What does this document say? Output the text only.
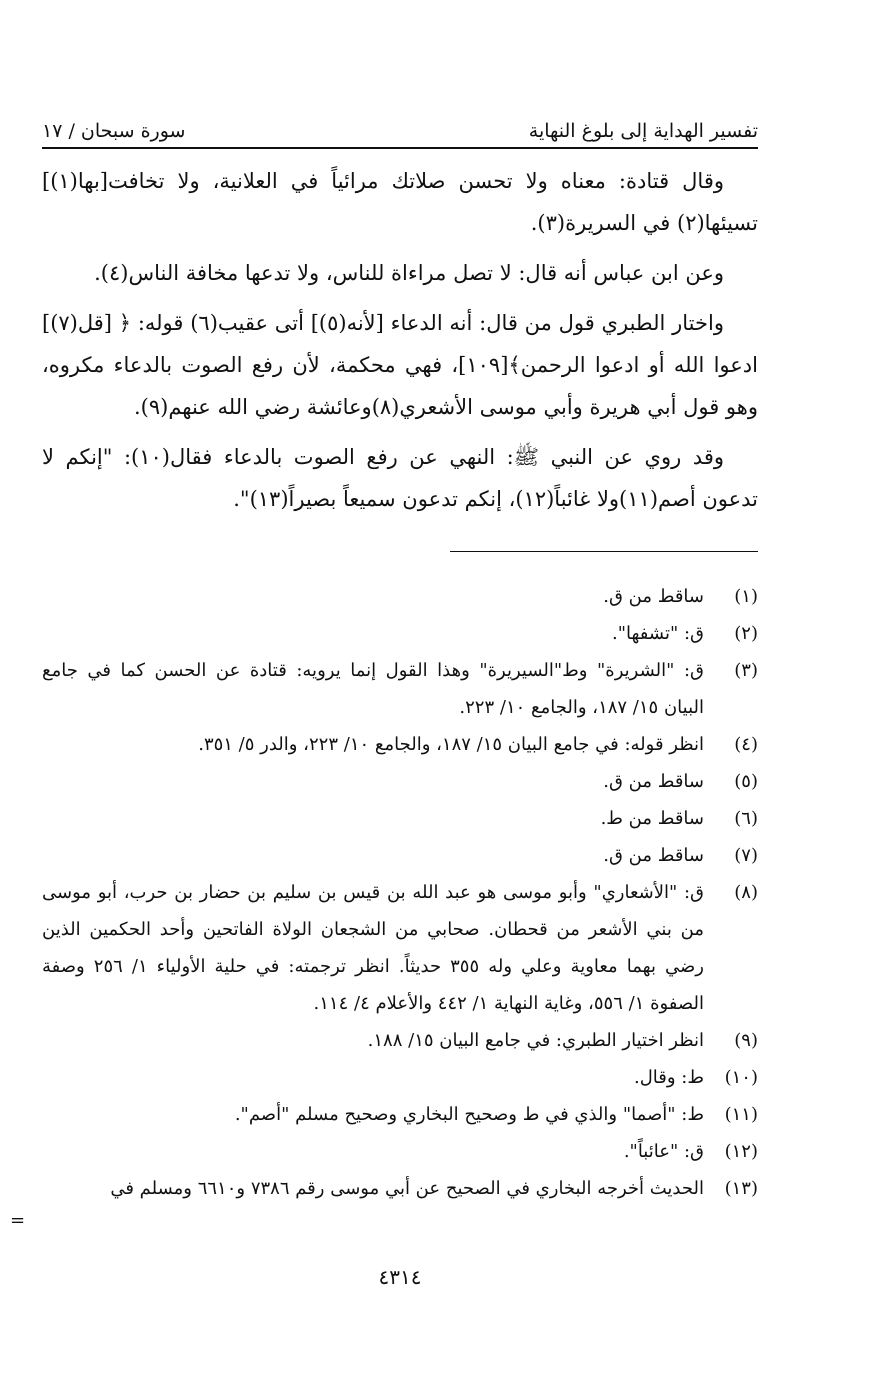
تفسير الهداية إلى بلوغ النهاية
سورة سبحان / ١٧

وقال قتادة: معناه ولا تحسن صلاتك مرائياً في العلانية، ولا تخافت[بها(١)] تسيئها(٢) في السريرة(٣).

وعن ابن عباس أنه قال: لا تصل مراءاة للناس، ولا تدعها مخافة الناس(٤).

واختار الطبري قول من قال: أنه الدعاء [لأنه(٥)] أتى عقيب(٦) قوله: ﴿ [قل(٧)] ادعوا الله أو ادعوا الرحمن﴾[١٠٩]، فهي محكمة، لأن رفع الصوت بالدعاء مكروه، وهو قول أبي هريرة وأبي موسى الأشعري(٨)وعائشة رضي الله عنهم(٩).

وقد روي عن النبي ﷺ: النهي عن رفع الصوت بالدعاء فقال(١٠): "إنكم لا تدعون أصم(١١)ولا غائباً(١٢)، إنكم تدعون سميعاً بصيراً(١٣)".

(١)
ساقط من ق.
(٢)
ق: "تشفها".
(٣)
ق: "الشريرة" وط"السيريرة" وهذا القول إنما يرويه: قتادة عن الحسن كما في جامع البيان ١٥/ ١٨٧، والجامع ١٠/ ٢٢٣.
(٤)
انظر قوله: في جامع البيان ١٥/ ١٨٧، والجامع ١٠/ ٢٢٣، والدر ٥/ ٣٥١.
(٥)
ساقط من ق.
(٦)
ساقط من ط.
(٧)
ساقط من ق.
(٨)
ق: "الأشعاري" وأبو موسى هو عبد الله بن قيس بن سليم بن حضار بن حرب، أبو موسى من بني الأشعر من قحطان. صحابي من الشجعان الولاة الفاتحين وأحد الحكمين الذين رضي بهما معاوية وعلي وله ٣٥٥ حديثاً. انظر ترجمته: في حلية الأولياء ١/ ٢٥٦ وصفة الصفوة ١/ ٥٥٦، وغاية النهاية ١/ ٤٤٢ والأعلام ٤/ ١١٤.
(٩)
انظر اختيار الطبري: في جامع البيان ١٥/ ١٨٨.
(١٠)
ط: وقال.
(١١)
ط: "أصما" والذي في ط وصحيح البخاري وصحيح مسلم "أصم".
(١٢)
ق: "عائباً".
(١٣)
الحديث أخرجه البخاري في الصحيح عن أبي موسى رقم ٧٣٨٦ و٦٦١٠ ومسلم في
=
٤٣١٤
